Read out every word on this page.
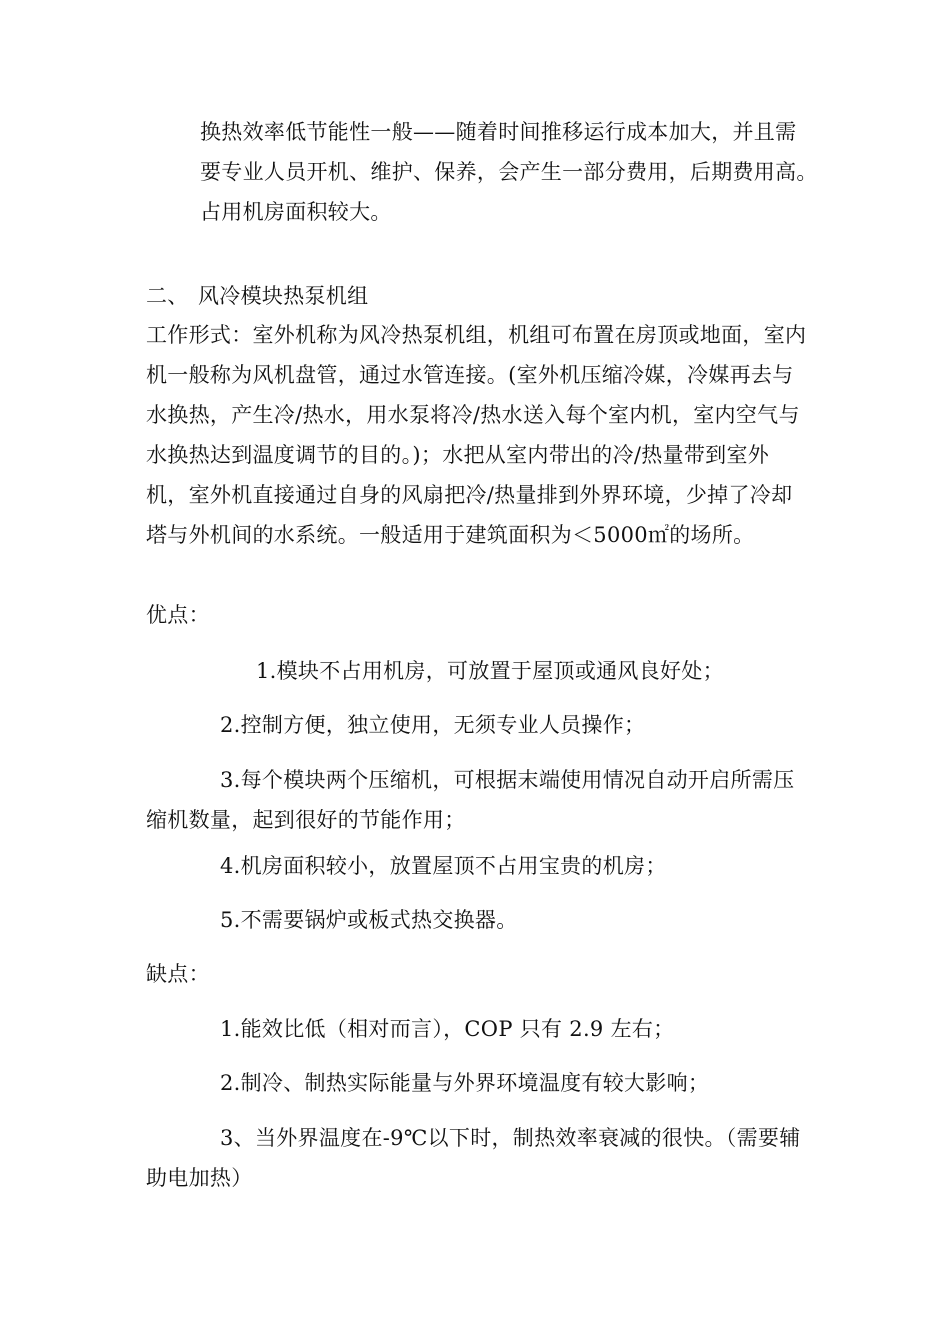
换热效率低节能性一般——随着时间推移运行成本加大，并且需要专业人员开机、维护、保养，会产生一部分费用，后期费用高。　 占用机房面积较大。

二、 风冷模块热泵机组

工作形式：室外机称为风冷热泵机组，机组可布置在房顶或地面，室内机一般称为风机盘管，通过水管连接。(室外机压缩冷媒，冷媒再去与水换热，产生冷/热水，用水泵将冷/热水送入每个室内机，室内空气与水换热达到温度调节的目的。)；水把从室内带出的冷/热量带到室外机，室外机直接通过自身的风扇把冷/热量排到外界环境，少掉了冷却塔与外机间的水系统。一般适用于建筑面积为＜5000㎡的场所。

优点：
1.模块不占用机房，可放置于屋顶或通风良好处；
2.控制方便，独立使用，无须专业人员操作；
3.每个模块两个压缩机，可根据末端使用情况自动开启所需压缩机数量，起到很好的节能作用；
4.机房面积较小，放置屋顶不占用宝贵的机房；
5.不需要锅炉或板式热交换器。
缺点：
1.能效比低（相对而言），COP 只有 2.9 左右；
2.制冷、制热实际能量与外界环境温度有较大影响；
3、当外界温度在-9℃以下时，制热效率衰减的很快。（需要辅助电加热）
